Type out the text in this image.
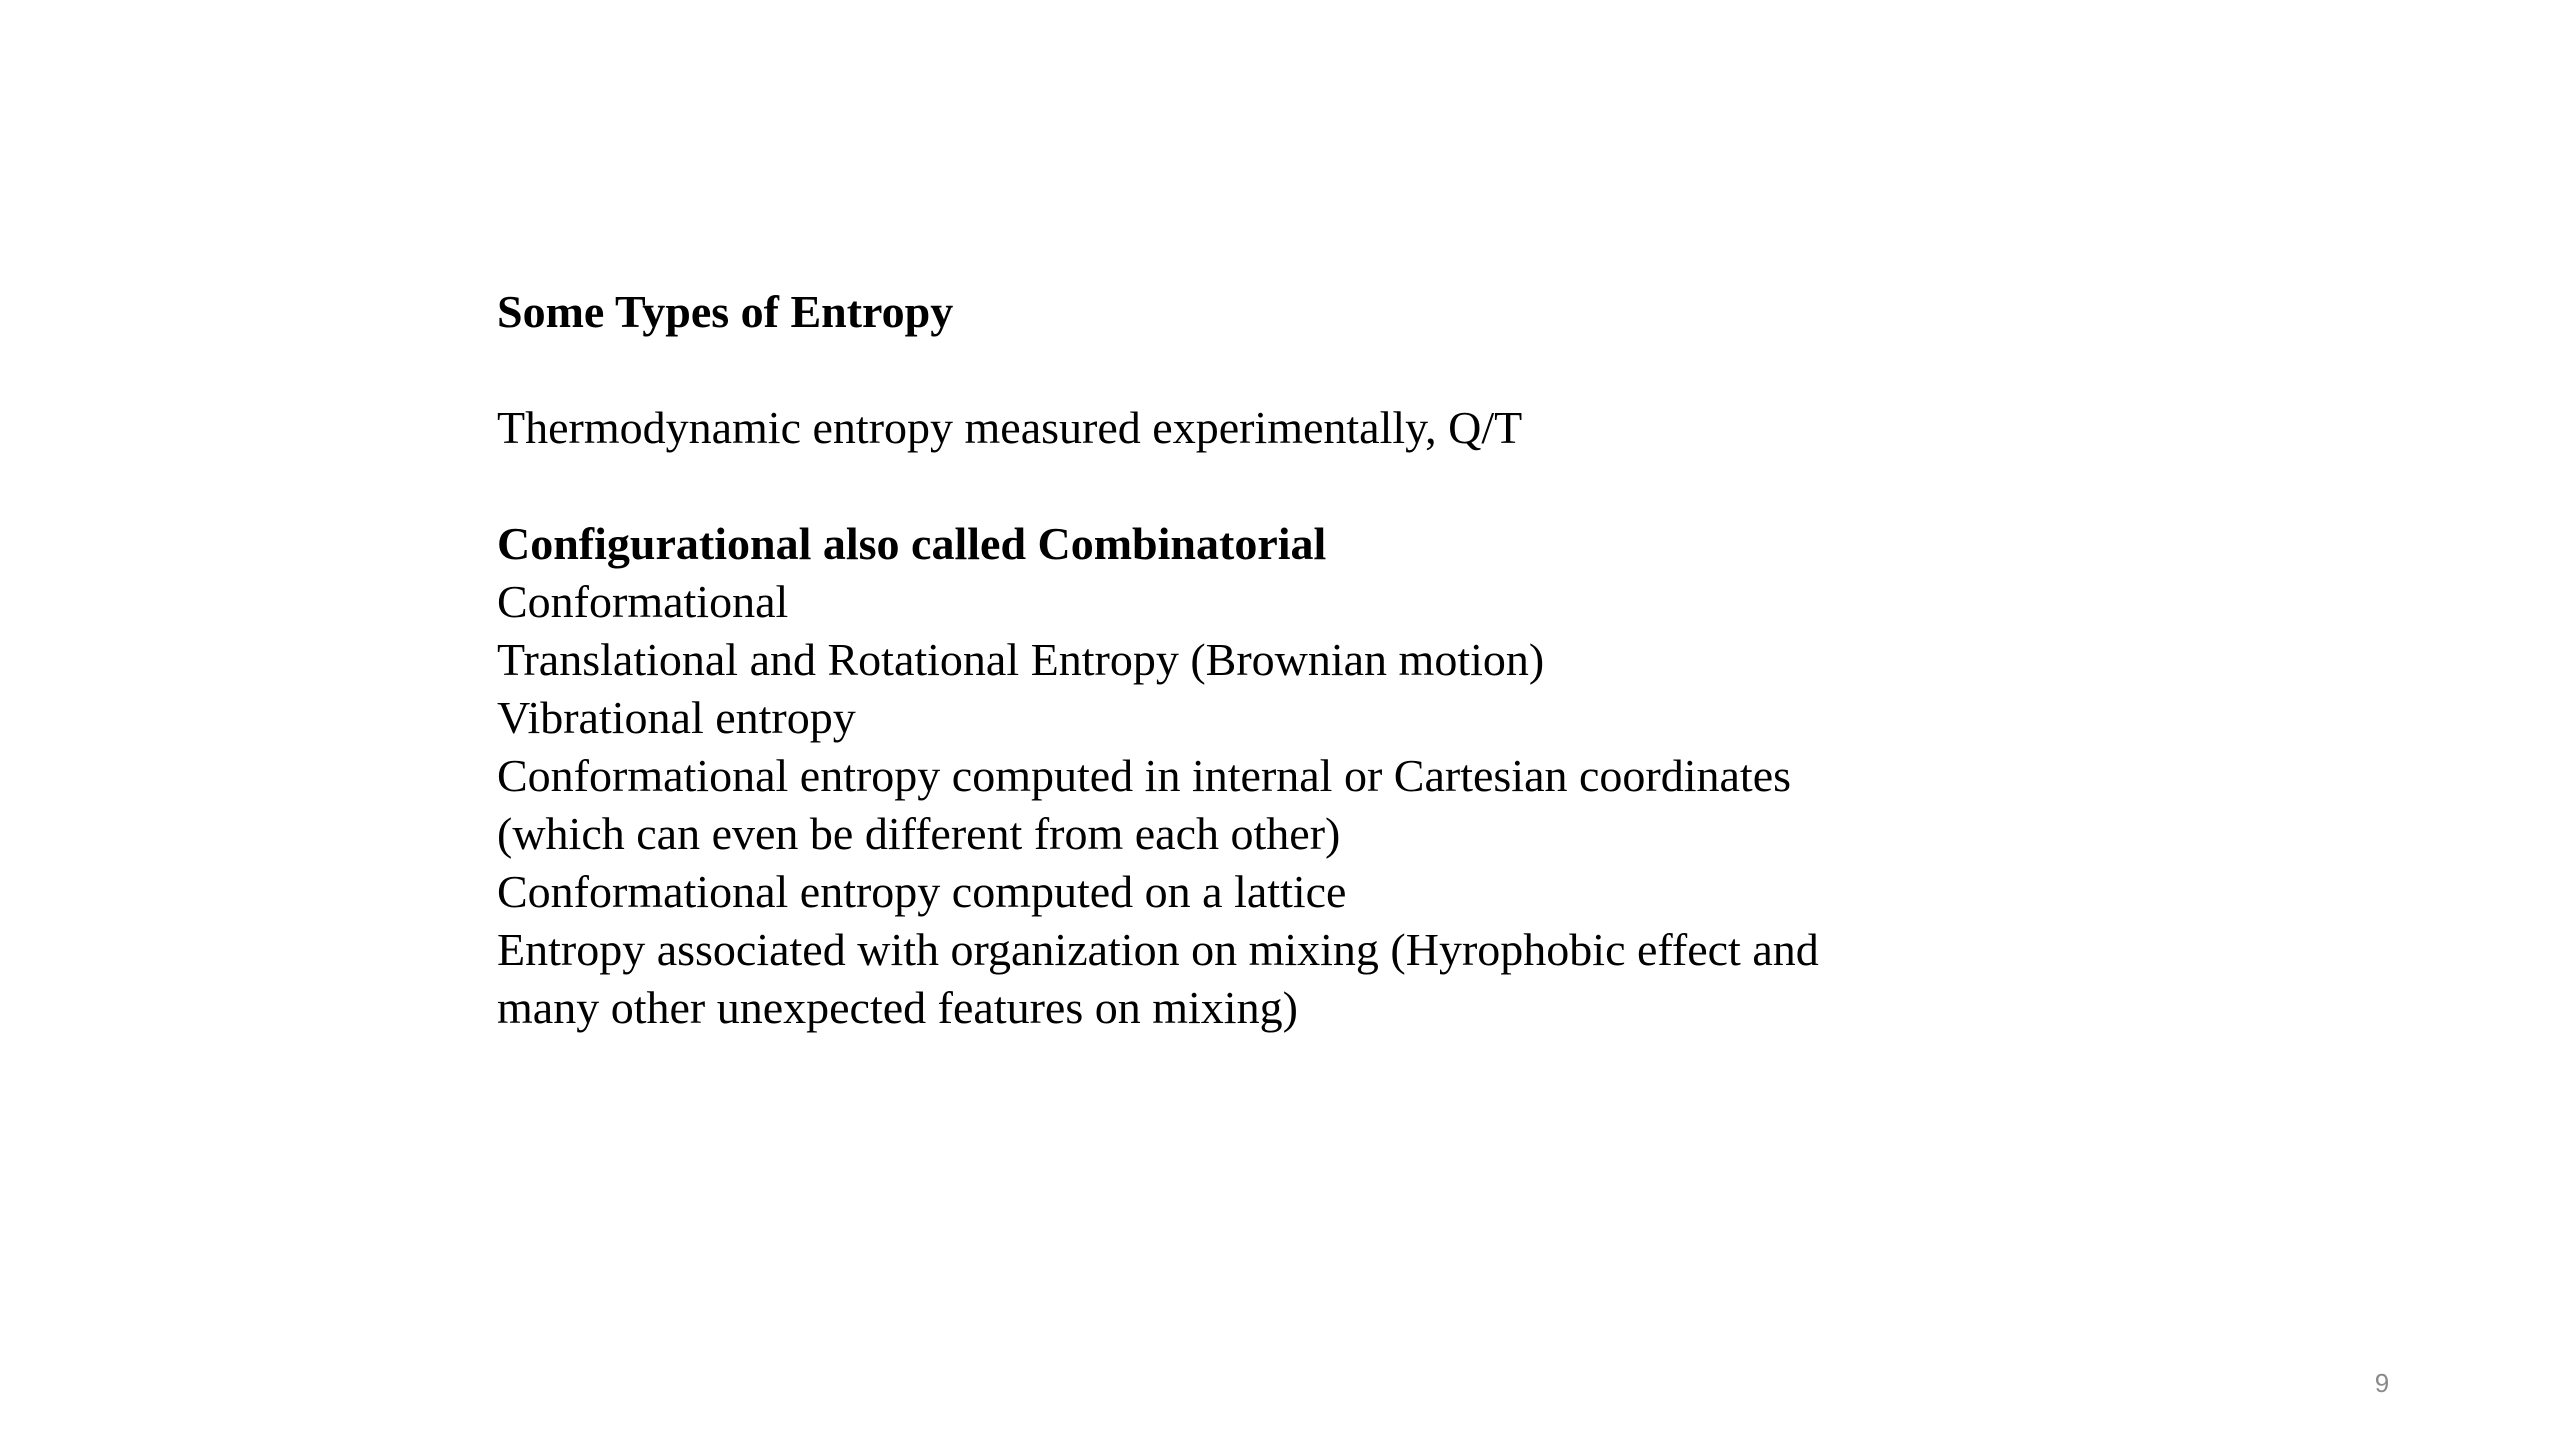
Some Types of Entropy

Thermodynamic entropy measured experimentally, Q/T

Configurational also called Combinatorial

Conformational

Translational and Rotational Entropy (Brownian motion)

Vibrational entropy

Conformational entropy computed in internal or Cartesian coordinates

(which can even be different from each other)

Conformational entropy computed on a lattice

Entropy associated with organization on mixing (Hyrophobic effect and

many other unexpected features on mixing)

9
